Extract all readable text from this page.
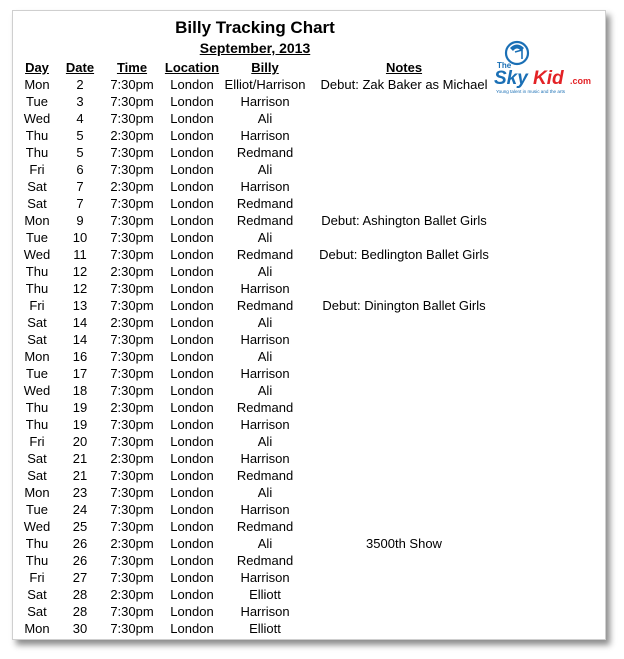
Billy Tracking Chart
September, 2013
The
Sky Kid .com
Young talent in music and the arts
Day	Date	Time	Location	Billy	Notes
Mon	2	7:30pm	London	Elliot/Harrison	Debut: Zak Baker as Michael
Tue	3	7:30pm	London	Harrison	
Wed	4	7:30pm	London	Ali	
Thu	5	2:30pm	London	Harrison	
Thu	5	7:30pm	London	Redmand	
Fri	6	7:30pm	London	Ali	
Sat	7	2:30pm	London	Harrison	
Sat	7	7:30pm	London	Redmand	
Mon	9	7:30pm	London	Redmand	Debut: Ashington Ballet Girls
Tue	10	7:30pm	London	Ali	
Wed	11	7:30pm	London	Redmand	Debut: Bedlington Ballet Girls
Thu	12	2:30pm	London	Ali	
Thu	12	7:30pm	London	Harrison	
Fri	13	7:30pm	London	Redmand	Debut: Dinington Ballet Girls
Sat	14	2:30pm	London	Ali	
Sat	14	7:30pm	London	Harrison	
Mon	16	7:30pm	London	Ali	
Tue	17	7:30pm	London	Harrison	
Wed	18	7:30pm	London	Ali	
Thu	19	2:30pm	London	Redmand	
Thu	19	7:30pm	London	Harrison	
Fri	20	7:30pm	London	Ali	
Sat	21	2:30pm	London	Harrison	
Sat	21	7:30pm	London	Redmand	
Mon	23	7:30pm	London	Ali	
Tue	24	7:30pm	London	Harrison	
Wed	25	7:30pm	London	Redmand	
Thu	26	2:30pm	London	Ali	3500th Show
Thu	26	7:30pm	London	Redmand	
Fri	27	7:30pm	London	Harrison	
Sat	28	2:30pm	London	Elliott	
Sat	28	7:30pm	London	Harrison	
Mon	30	7:30pm	London	Elliott	
